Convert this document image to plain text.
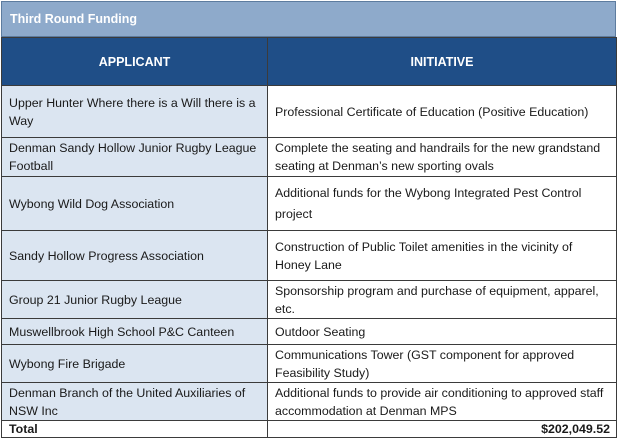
Third Round Funding
APPLICANT	INITIATIVE
Upper Hunter Where there is a Will there is a Way	Professional Certificate of Education (Positive Education)
Denman Sandy Hollow Junior Rugby League Football	Complete the seating and handrails for the new grandstand seating at Denman’s new sporting ovals
Wybong Wild Dog Association	Additional funds for the Wybong Integrated Pest Control project
Sandy Hollow Progress Association	Construction of Public Toilet amenities in the vicinity of Honey Lane
Group 21 Junior Rugby League	Sponsorship program and purchase of equipment, apparel, etc.
Muswellbrook High School P&C Canteen	Outdoor Seating
Wybong Fire Brigade	Communications Tower (GST component for approved Feasibility Study)
Denman Branch of the United Auxiliaries of NSW Inc	Additional funds to provide air conditioning to approved staff accommodation at Denman MPS
Total	$202,049.52
